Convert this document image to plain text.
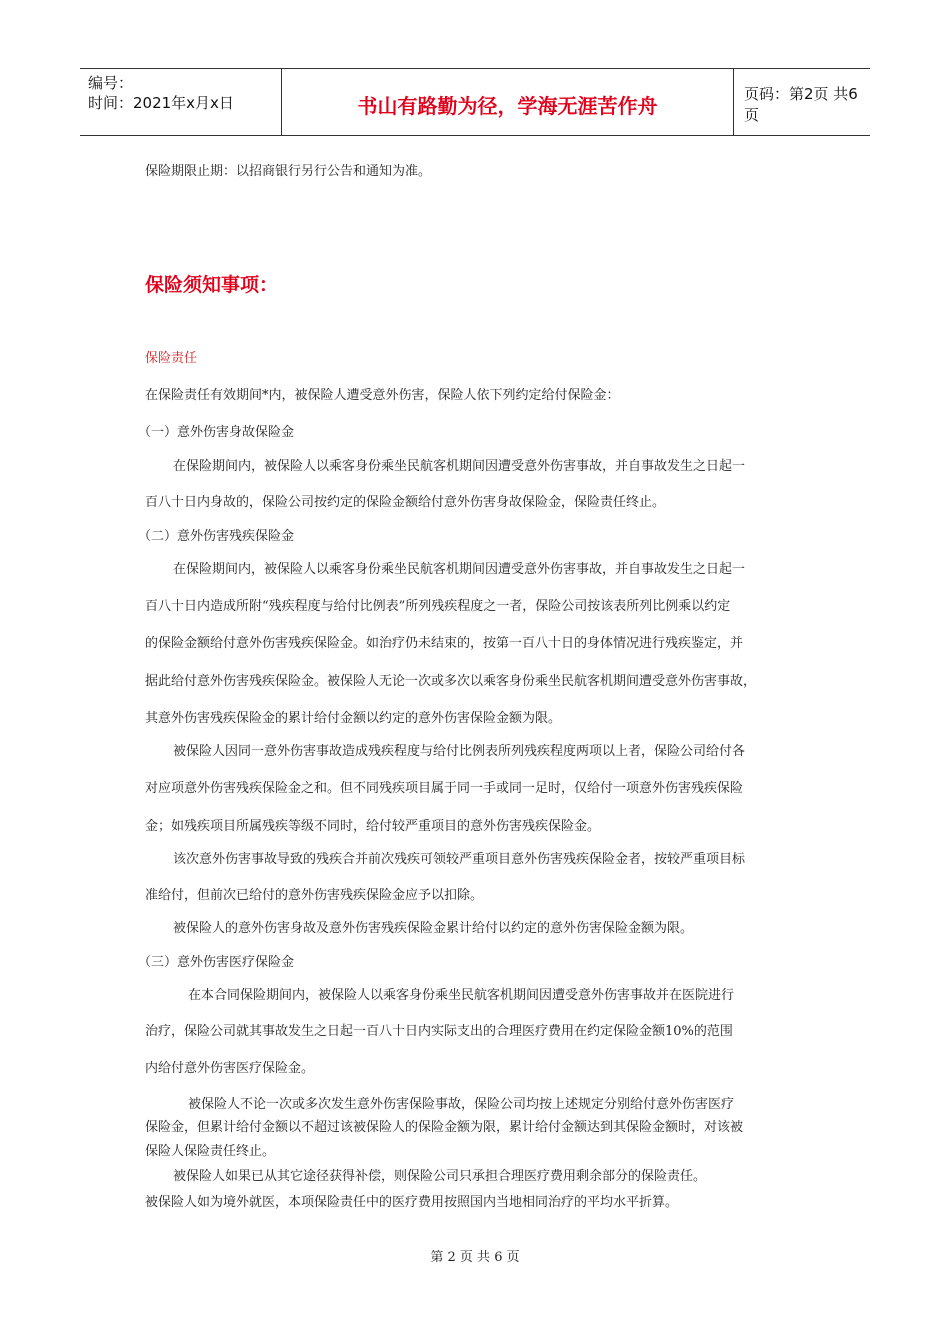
编号：
时间：2021年x月x日	书山有路勤为径，学海无涯苦作舟	页码：第2页 共6页
保险期限止期：以招商银行另行公告和通知为准。
保险须知事项：
保险责任
在保险责任有效期间*内，被保险人遭受意外伤害，保险人依下列约定给付保险金：
（一）意外伤害身故保险金
在保险期间内，被保险人以乘客身份乘坐民航客机期间因遭受意外伤害事故，并自事故发生之日起一
百八十日内身故的，保险公司按约定的保险金额给付意外伤害身故保险金，保险责任终止。
（二）意外伤害残疾保险金
在保险期间内，被保险人以乘客身份乘坐民航客机期间因遭受意外伤害事故，并自事故发生之日起一
百八十日内造成所附“残疾程度与给付比例表”所列残疾程度之一者，保险公司按该表所列比例乘以约定
的保险金额给付意外伤害残疾保险金。如治疗仍未结束的，按第一百八十日的身体情况进行残疾鉴定，并
据此给付意外伤害残疾保险金。被保险人无论一次或多次以乘客身份乘坐民航客机期间遭受意外伤害事故，
其意外伤害残疾保险金的累计给付金额以约定的意外伤害保险金额为限。
被保险人因同一意外伤害事故造成残疾程度与给付比例表所列残疾程度两项以上者，保险公司给付各
对应项意外伤害残疾保险金之和。但不同残疾项目属于同一手或同一足时，仅给付一项意外伤害残疾保险
金；如残疾项目所属残疾等级不同时，给付较严重项目的意外伤害残疾保险金。
该次意外伤害事故导致的残疾合并前次残疾可领较严重项目意外伤害残疾保险金者，按较严重项目标
准给付，但前次已给付的意外伤害残疾保险金应予以扣除。
被保险人的意外伤害身故及意外伤害残疾保险金累计给付以约定的意外伤害保险金额为限。
（三）意外伤害医疗保险金
在本合同保险期间内，被保险人以乘客身份乘坐民航客机期间因遭受意外伤害事故并在医院进行
治疗，保险公司就其事故发生之日起一百八十日内实际支出的合理医疗费用在约定保险金额10%的范围
内给付意外伤害医疗保险金。
被保险人不论一次或多次发生意外伤害保险事故，保险公司均按上述规定分别给付意外伤害医疗
保险金，但累计给付金额以不超过该被保险人的保险金额为限，累计给付金额达到其保险金额时，对该被
保险人保险责任终止。
被保险人如果已从其它途径获得补偿，则保险公司只承担合理医疗费用剩余部分的保险责任。
被保险人如为境外就医，本项保险责任中的医疗费用按照国内当地相同治疗的平均水平折算。
第 2 页 共 6 页
